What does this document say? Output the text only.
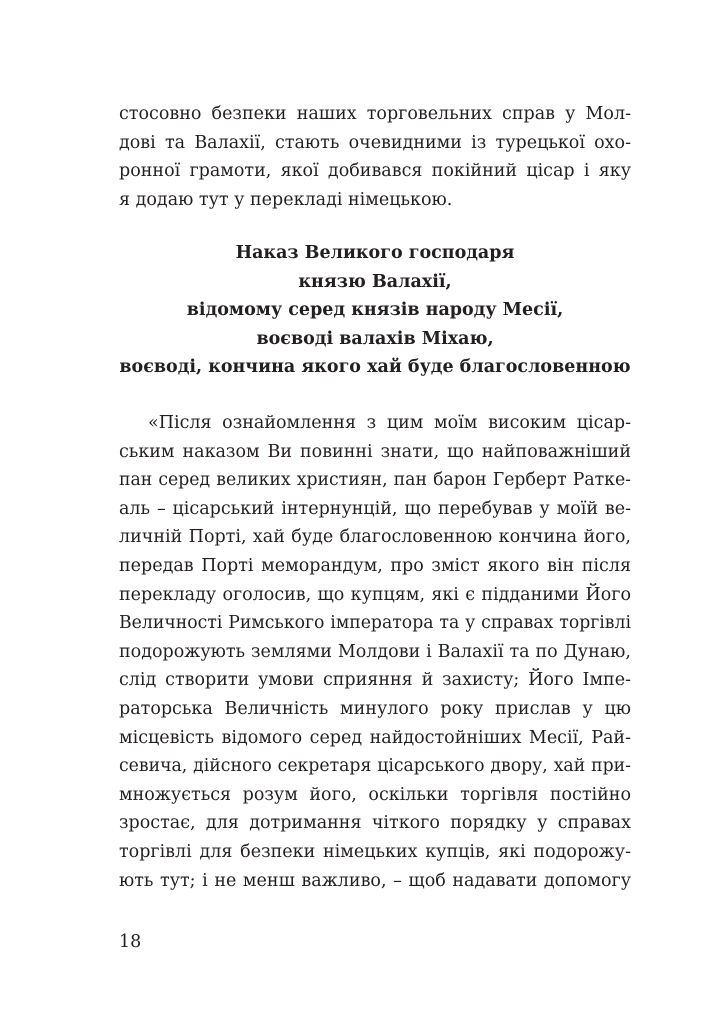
стосовно безпеки наших торговельних справ у Мол-
дові та Валахії, стають очевидними із турецької охо-
ронної грамоти, якої добивався покійний цісар і яку
я додаю тут у перекладі німецькою.
Наказ Великого господаря
князю Валахії,
відомому серед князів народу Месії,
воєводі валахів Міхаю,
воєводі, кончина якого хай буде благословенною
«Після ознайомлення з цим моїм високим цісар-
ським наказом Ви повинні знати, що найповажніший
пан серед великих християн, пан барон Герберт Ратке-
аль – цісарський інтернунцій, що перебував у моїй ве-
личній Порті, хай буде благословенною кончина його,
передав Порті меморандум, про зміст якого він після
перекладу оголосив, що купцям, які є підданими Його
Величності Римського імператора та у справах торгівлі
подорожують землями Молдови і Валахії та по Дунаю,
слід створити умови сприяння й захисту; Його Імпе-
раторська Величність минулого року прислав у цю
місцевість відомого серед найдостойніших Месії, Рай-
севича, дійсного секретаря цісарського двору, хай при-
множується розум його, оскільки торгівля постійно
зростає, для дотримання чіткого порядку у справах
торгівлі для безпеки німецьких купців, які подорожу-
ють тут; і не менш важливо, – щоб надавати допомогу
18
